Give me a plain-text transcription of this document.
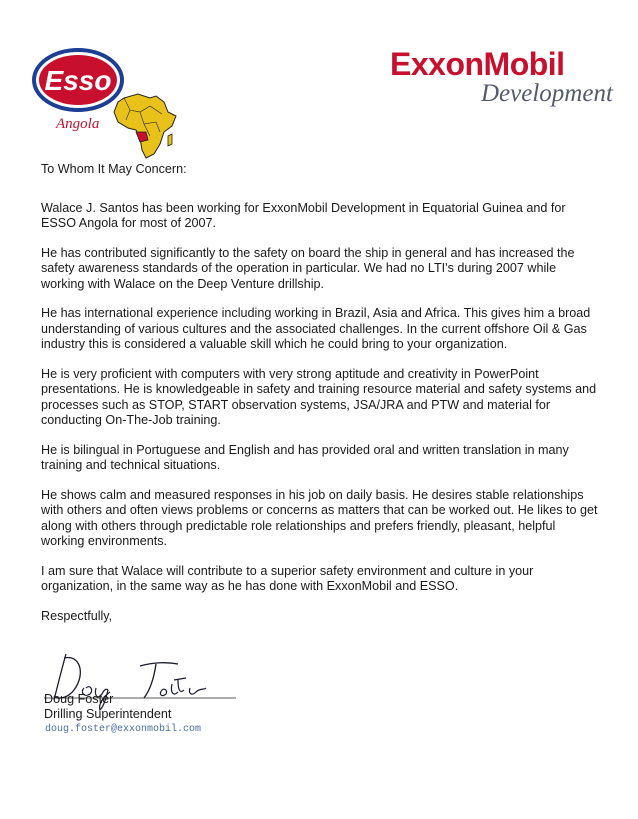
Esso
Angola
ExxonMobil
Development

To Whom It May Concern:

Walace J. Santos has been working for ExxonMobil Development in Equatorial Guinea and for ESSO Angola for most of 2007.

He has contributed significantly to the safety on board the ship in general and has increased the safety awareness standards of the operation in particular. We had no LTI's during 2007 while working with Walace on the Deep Venture drillship.

He has international experience including working in Brazil, Asia and Africa. This gives him a broad understanding of various cultures and the associated challenges. In the current offshore Oil & Gas industry this is considered a valuable skill which he could bring to your organization.

He is very proficient with computers with very strong aptitude and creativity in PowerPoint presentations. He is knowledgeable in safety and training resource material and safety systems and processes such as STOP, START observation systems, JSA/JRA and PTW and material for conducting On-The-Job training.

He is bilingual in Portuguese and English and has provided oral and written translation in many training and technical situations.

He shows calm and measured responses in his job on daily basis. He desires stable relationships with others and often views problems or concerns as matters that can be worked out. He likes to get along with others through predictable role relationships and prefers friendly, pleasant, helpful working environments.

I am sure that Walace will contribute to a superior safety environment and culture in your organization, in the same way as he has done with ExxonMobil and ESSO.

Respectfully,

Doug Foster
Drilling Superintendent
doug.foster@exxonmobil.com
